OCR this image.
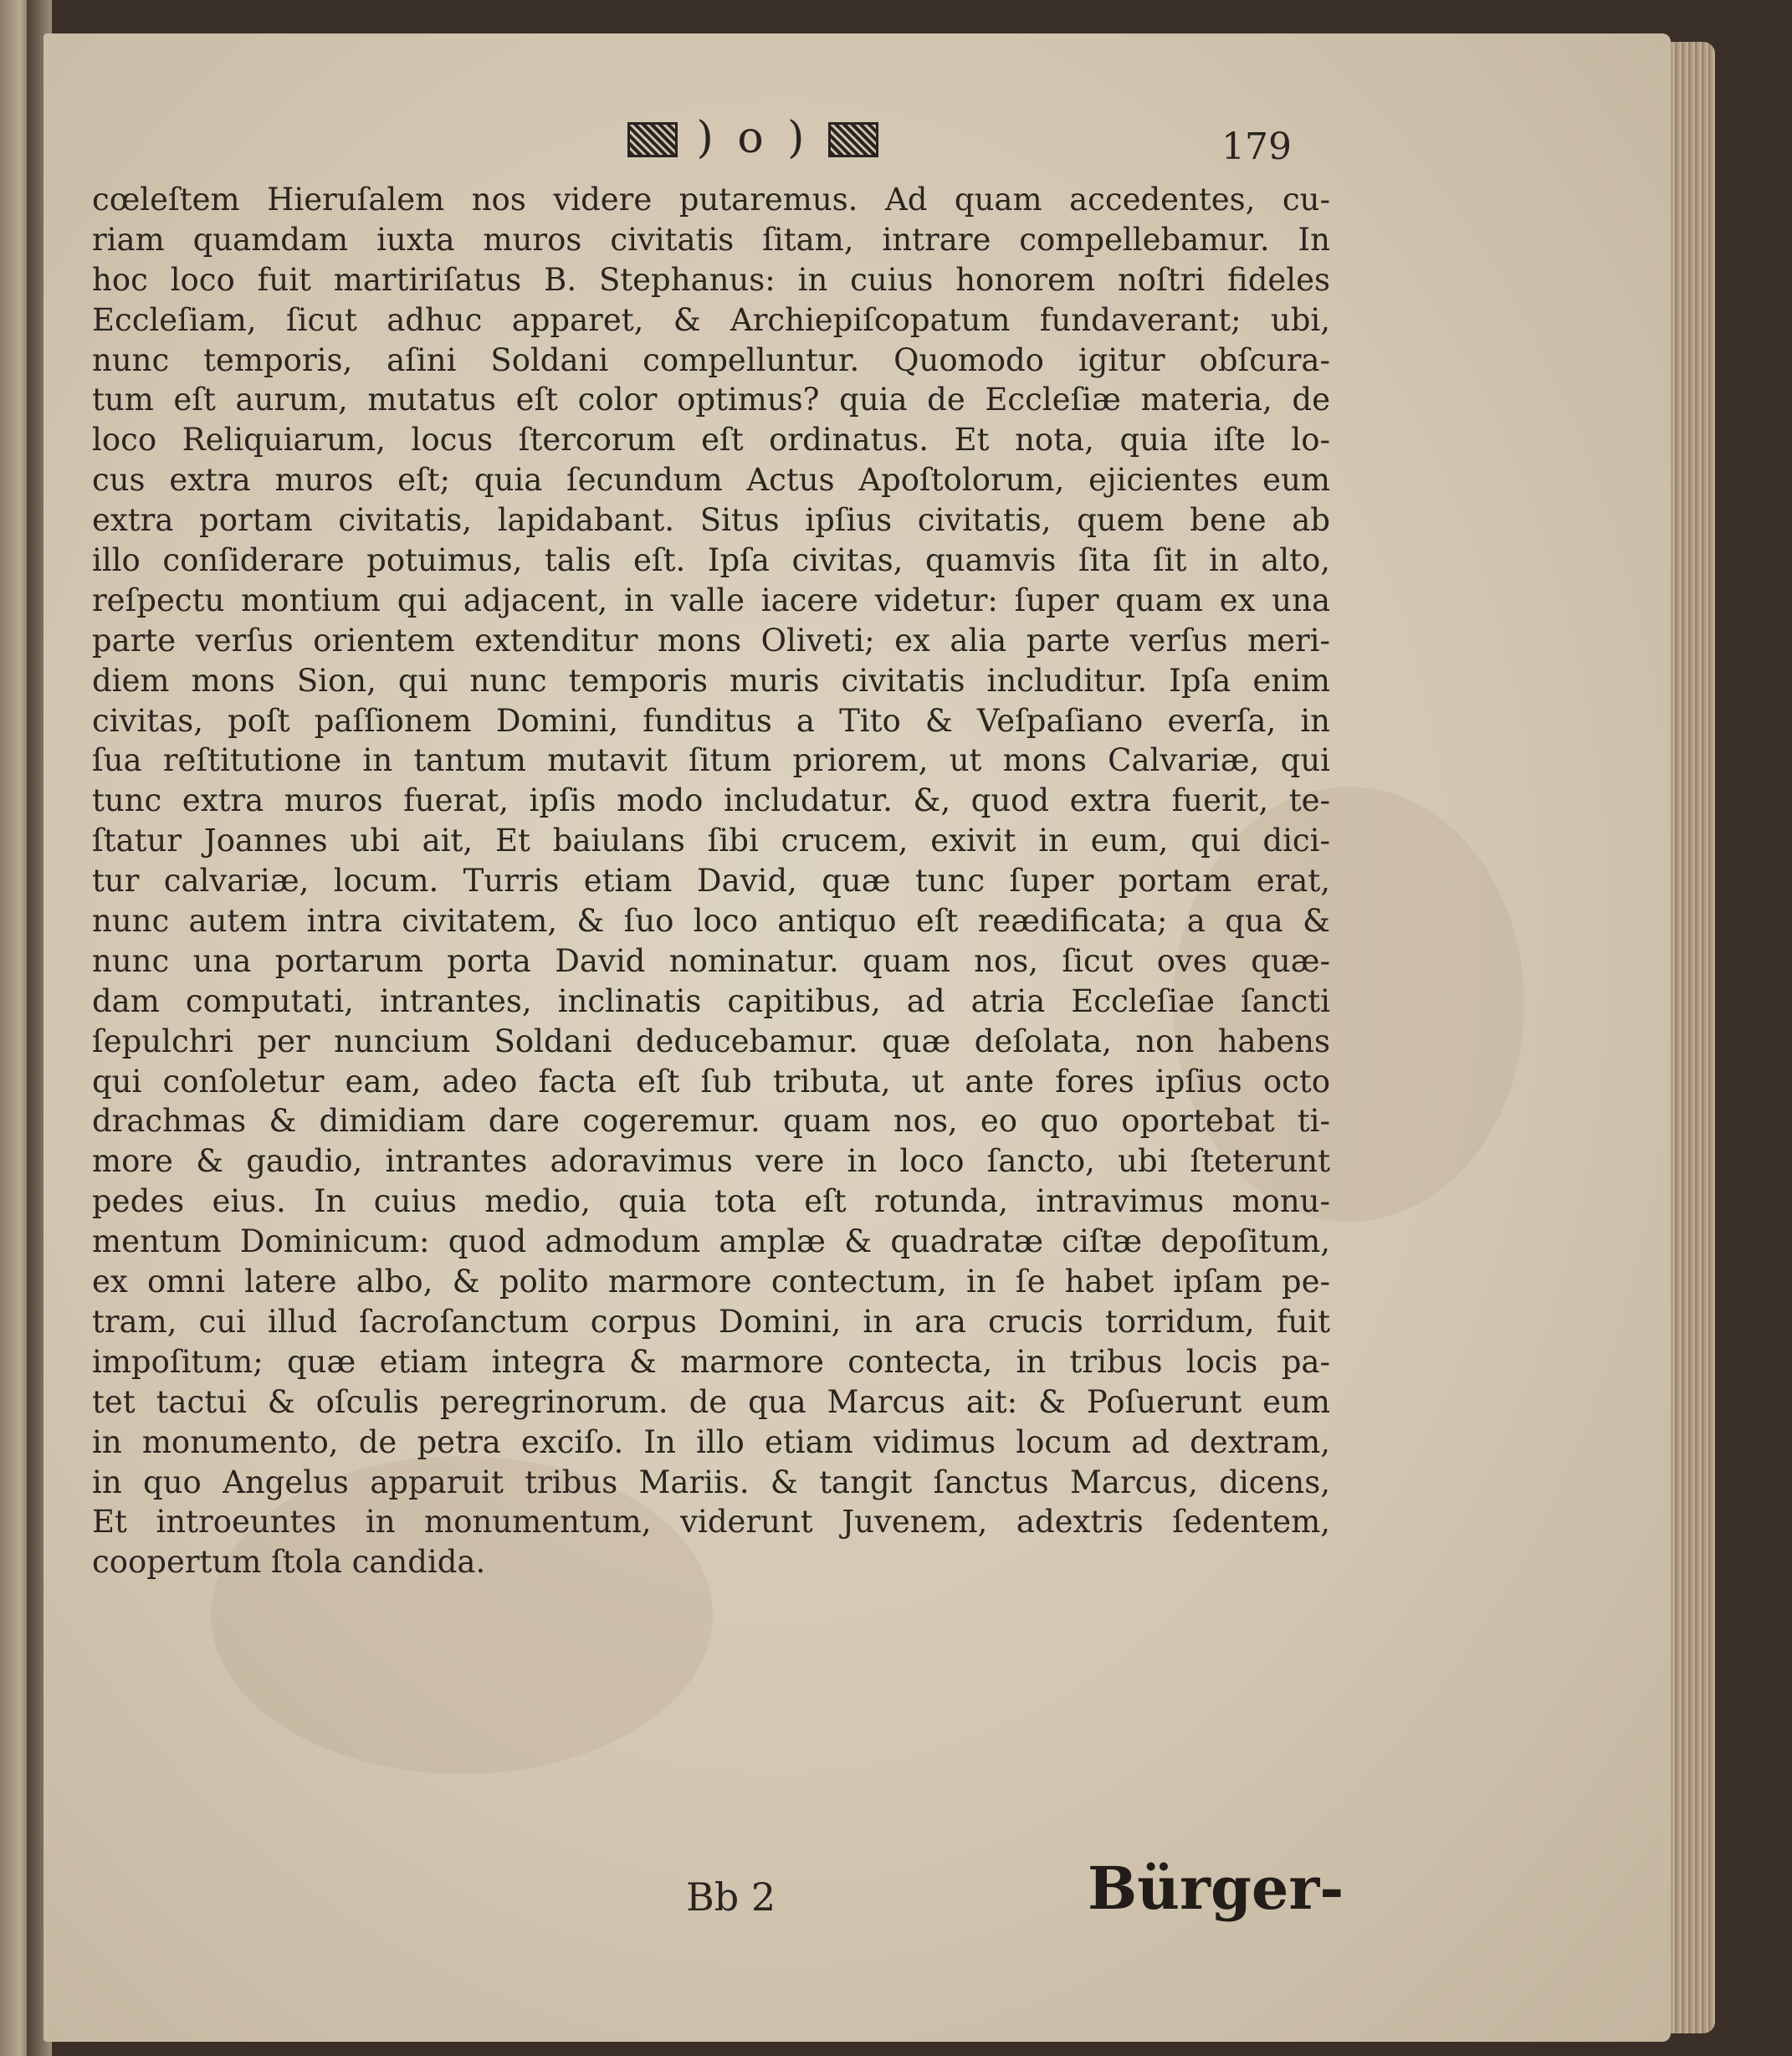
) o )	179
cœleſtem Hieruſalem nos videre putaremus. Ad quam accedentes, cu-
riam quamdam iuxta muros civitatis ſitam, intrare compellebamur. In
hoc loco fuit martiriſatus B. Stephanus: in cuius honorem noſtri fideles
Eccleſiam, ſicut adhuc apparet, & Archiepiſcopatum fundaverant; ubi,
nunc temporis, aſini Soldani compelluntur. Quomodo igitur obſcura-
tum eſt aurum, mutatus eſt color optimus? quia de Eccleſiæ materia, de
loco Reliquiarum, locus ſtercorum eſt ordinatus. Et nota, quia iſte lo-
cus extra muros eſt; quia ſecundum Actus Apoſtolorum, ejicientes eum
extra portam civitatis, lapidabant. Situs ipſius civitatis, quem bene ab
illo conſiderare potuimus, talis eſt. Ipſa civitas, quamvis ſita ſit in alto,
reſpectu montium qui adjacent, in valle iacere videtur: ſuper quam ex una
parte verſus orientem extenditur mons Oliveti; ex alia parte verſus meri-
diem mons Sion, qui nunc temporis muris civitatis includitur. Ipſa enim
civitas, poſt paſſionem Domini, funditus a Tito & Veſpaſiano everſa, in
ſua reſtitutione in tantum mutavit ſitum priorem, ut mons Calvariæ, qui
tunc extra muros fuerat, ipſis modo includatur. &, quod extra fuerit, te-
ſtatur Joannes ubi ait, Et baiulans ſibi crucem, exivit in eum, qui dici-
tur calvariæ, locum. Turris etiam David, quæ tunc ſuper portam erat,
nunc autem intra civitatem, & ſuo loco antiquo eſt reædificata; a qua &
nunc una portarum porta David nominatur. quam nos, ſicut oves quæ-
dam computati, intrantes, inclinatis capitibus, ad atria Eccleſiae ſancti
ſepulchri per nuncium Soldani deducebamur. quæ deſolata, non habens
qui conſoletur eam, adeo facta eſt ſub tributa, ut ante fores ipſius octo
drachmas & dimidiam dare cogeremur. quam nos, eo quo oportebat ti-
more & gaudio, intrantes adoravimus vere in loco ſancto, ubi ſteterunt
pedes eius. In cuius medio, quia tota eſt rotunda, intravimus monu-
mentum Dominicum: quod admodum amplæ & quadratæ ciſtæ depoſitum,
ex omni latere albo, & polito marmore contectum, in ſe habet ipſam pe-
tram, cui illud ſacroſanctum corpus Domini, in ara crucis torridum, fuit
impoſitum; quæ etiam integra & marmore contecta, in tribus locis pa-
tet tactui & oſculis peregrinorum. de qua Marcus ait: & Poſuerunt eum
in monumento, de petra exciſo. In illo etiam vidimus locum ad dextram,
in quo Angelus apparuit tribus Mariis. & tangit ſanctus Marcus, dicens,
Et introeuntes in monumentum, viderunt Juvenem, adextris ſedentem,
coopertum ſtola candida.
Bb 2	Bürger-
